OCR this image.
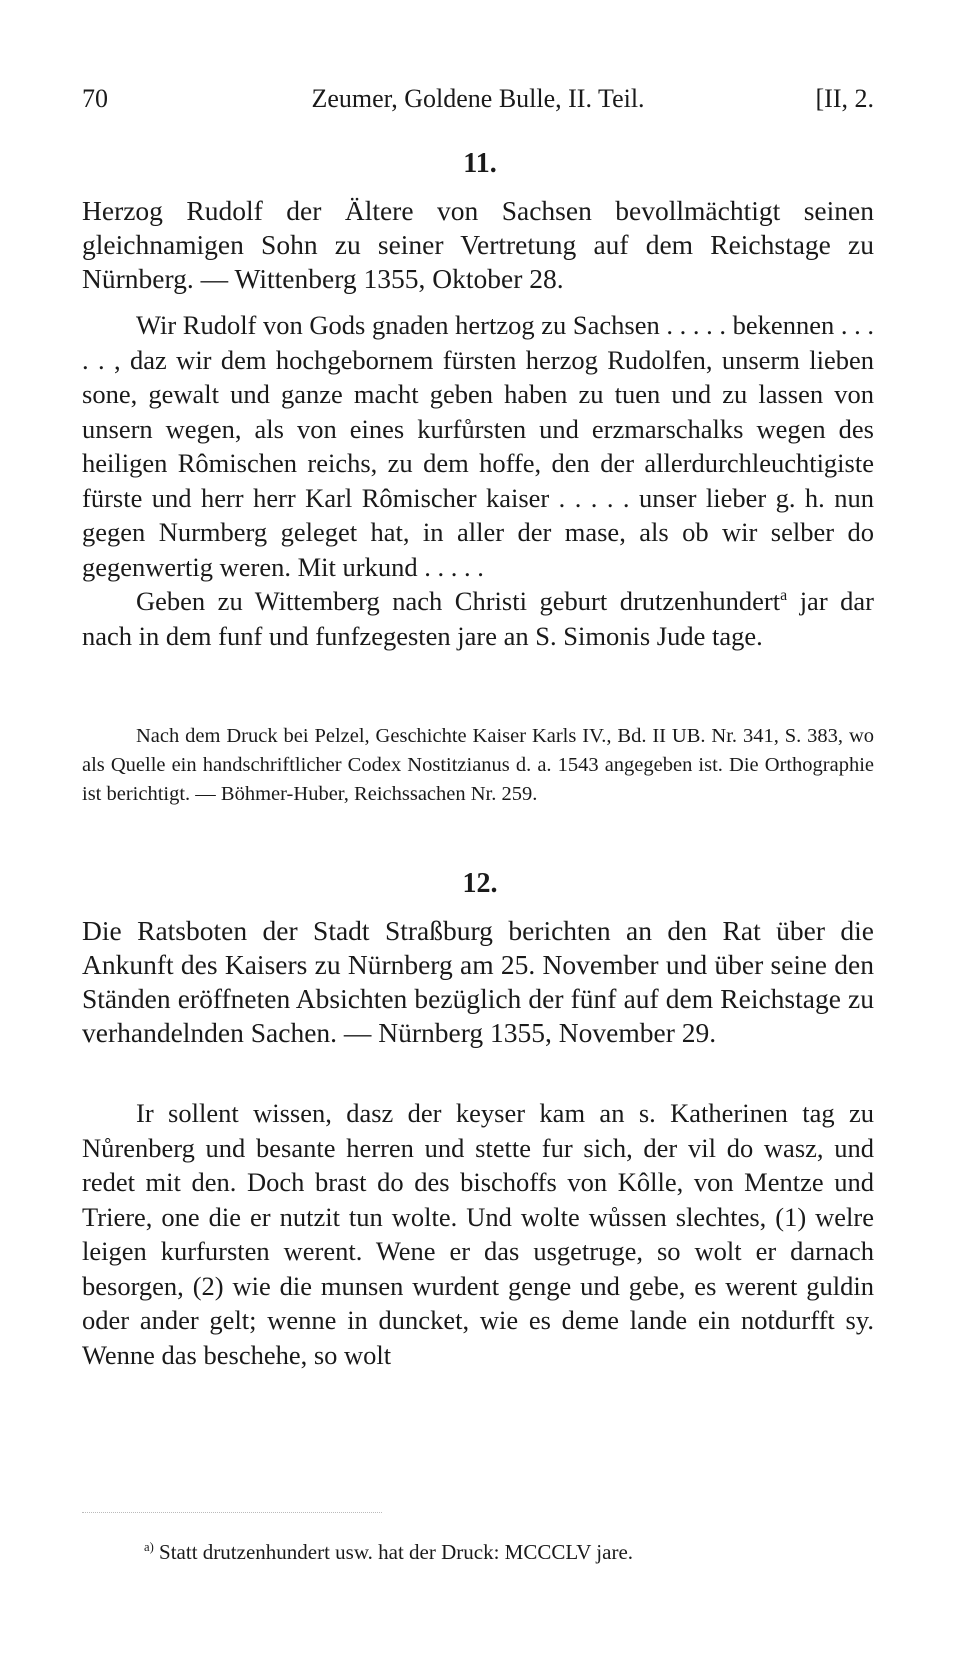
70	Zeumer, Goldene Bulle, II. Teil.	[II, 2.
11.
Herzog Rudolf der Ältere von Sachsen bevollmächtigt seinen gleichnamigen Sohn zu seiner Vertretung auf dem Reichstage zu Nürnberg. — Wittenberg 1355, Oktober 28.

Wir Rudolf von Gods gnaden hertzog zu Sachsen . . . . . bekennen . . . . . , daz wir dem hochgebornem fürsten herzog Rudolfen, unserm lieben sone, gewalt und ganze macht geben haben zu tuen und zu lassen von unsern wegen, als von eines kurfůrsten und erzmarschalks wegen des heiligen Rômischen reichs, zu dem hoffe, den der allerdurchleuchtigiste fürste und herr herr Karl Rômischer kaiser . . . . . unser lieber g. h. nun gegen Nurmberg geleget hat, in aller der mase, als ob wir selber do gegenwertig weren. Mit urkund . . . . .

Geben zu Wittemberg nach Christi geburt drutzenhundert$^a$ jar dar nach in dem funf und funfzegesten jare an S. Simonis Jude tage.

Nach dem Druck bei Pelzel, Geschichte Kaiser Karls IV., Bd. II UB. Nr. 341, S. 383, wo als Quelle ein handschriftlicher Codex Nostitzianus d. a. 1543 angegeben ist. Die Orthographie ist berichtigt. — Böhmer-Huber, Reichssachen Nr. 259.

12.
Die Ratsboten der Stadt Straßburg berichten an den Rat über die Ankunft des Kaisers zu Nürnberg am 25. November und über seine den Ständen eröffneten Absichten bezüglich der fünf auf dem Reichstage zu verhandelnden Sachen. — Nürnberg 1355, November 29.

Ir sollent wissen, dasz der keyser kam an s. Katherinen tag zu Nůrenberg und besante herren und stette fur sich, der vil do wasz, und redet mit den. Doch brast do des bischoffs von Kôlle, von Mentze und Triere, one die er nutzit tun wolte. Und wolte wůssen slechtes, (1) welre leigen kurfursten werent. Wene er das usgetruge, so wolt er darnach besorgen, (2) wie die munsen wurdent genge und gebe, es werent guldin oder ander gelt; wenne in duncket, wie es deme lande ein notdurfft sy. Wenne das beschehe, so wolt

$^{a)}$ Statt drutzenhundert usw. hat der Druck: MCCCLV jare.
